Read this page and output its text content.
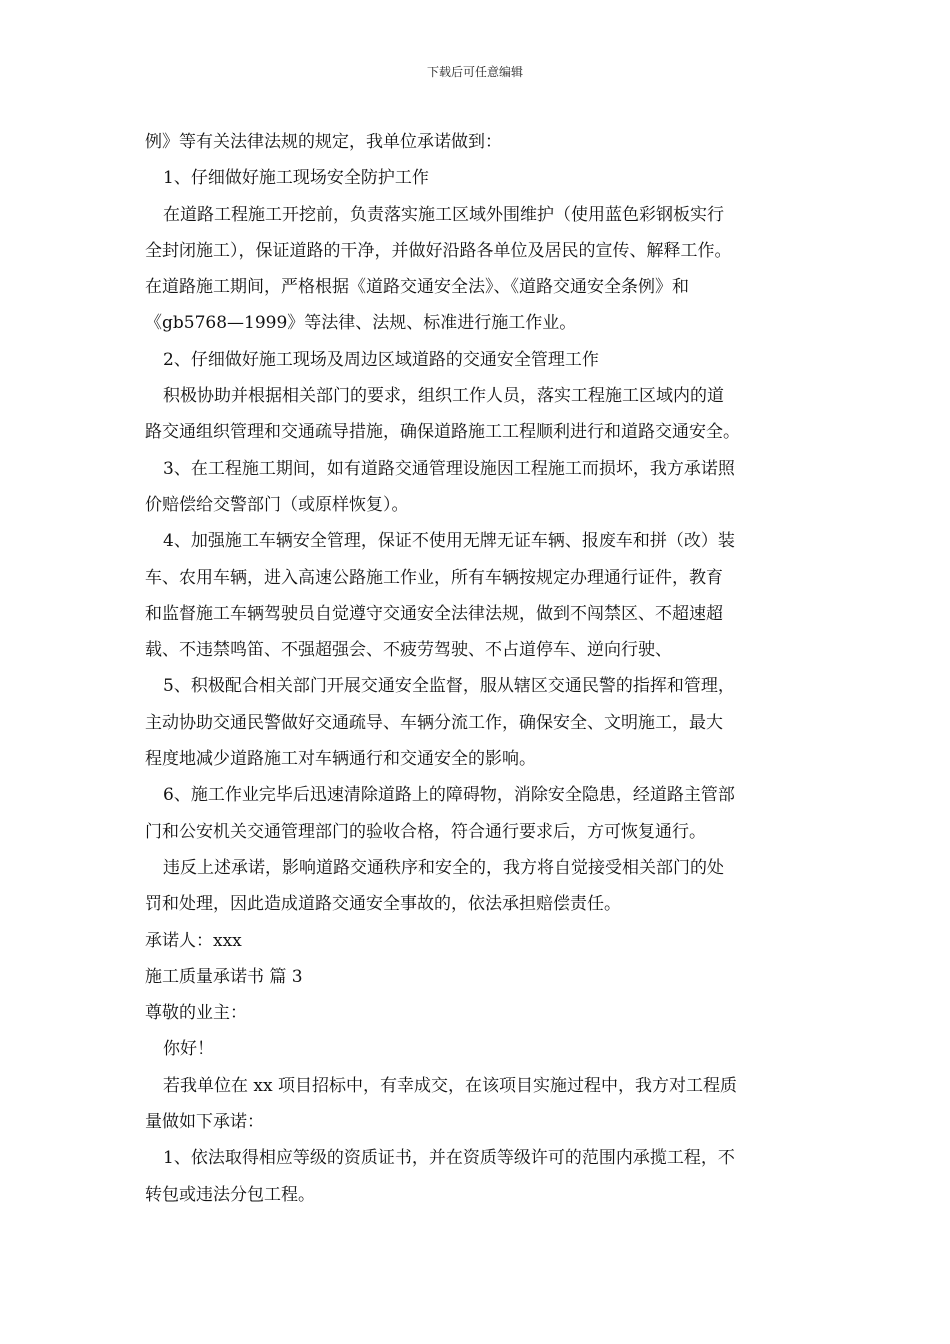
下载后可任意编辑
例》等有关法律法规的规定，我单位承诺做到：
1、仔细做好施工现场安全防护工作
在道路工程施工开挖前，负责落实施工区域外围维护（使用蓝色彩钢板实行
全封闭施工），保证道路的干净，并做好沿路各单位及居民的宣传、解释工作。
在道路施工期间，严格根据《道路交通安全法》、《道路交通安全条例》和
《gb5768—1999》等法律、法规、标准进行施工作业。
2、仔细做好施工现场及周边区域道路的交通安全管理工作
积极协助并根据相关部门的要求，组织工作人员，落实工程施工区域内的道
路交通组织管理和交通疏导措施，确保道路施工工程顺利进行和道路交通安全。
3、在工程施工期间，如有道路交通管理设施因工程施工而损坏，我方承诺照
价赔偿给交警部门（或原样恢复）。
4、加强施工车辆安全管理，保证不使用无牌无证车辆、报废车和拼（改）装
车、农用车辆，进入高速公路施工作业，所有车辆按规定办理通行证件，教育
和监督施工车辆驾驶员自觉遵守交通安全法律法规，做到不闯禁区、不超速超
载、不违禁鸣笛、不强超强会、不疲劳驾驶、不占道停车、逆向行驶、
5、积极配合相关部门开展交通安全监督，服从辖区交通民警的指挥和管理，
主动协助交通民警做好交通疏导、车辆分流工作，确保安全、文明施工，最大
程度地减少道路施工对车辆通行和交通安全的影响。
6、施工作业完毕后迅速清除道路上的障碍物，消除安全隐患，经道路主管部
门和公安机关交通管理部门的验收合格，符合通行要求后，方可恢复通行。
违反上述承诺，影响道路交通秩序和安全的，我方将自觉接受相关部门的处
罚和处理，因此造成道路交通安全事故的，依法承担赔偿责任。
承诺人：xxx
施工质量承诺书 篇 3
尊敬的业主：
你好！
若我单位在 xx 项目招标中，有幸成交，在该项目实施过程中，我方对工程质
量做如下承诺：
1、依法取得相应等级的资质证书，并在资质等级许可的范围内承揽工程，不
转包或违法分包工程。
